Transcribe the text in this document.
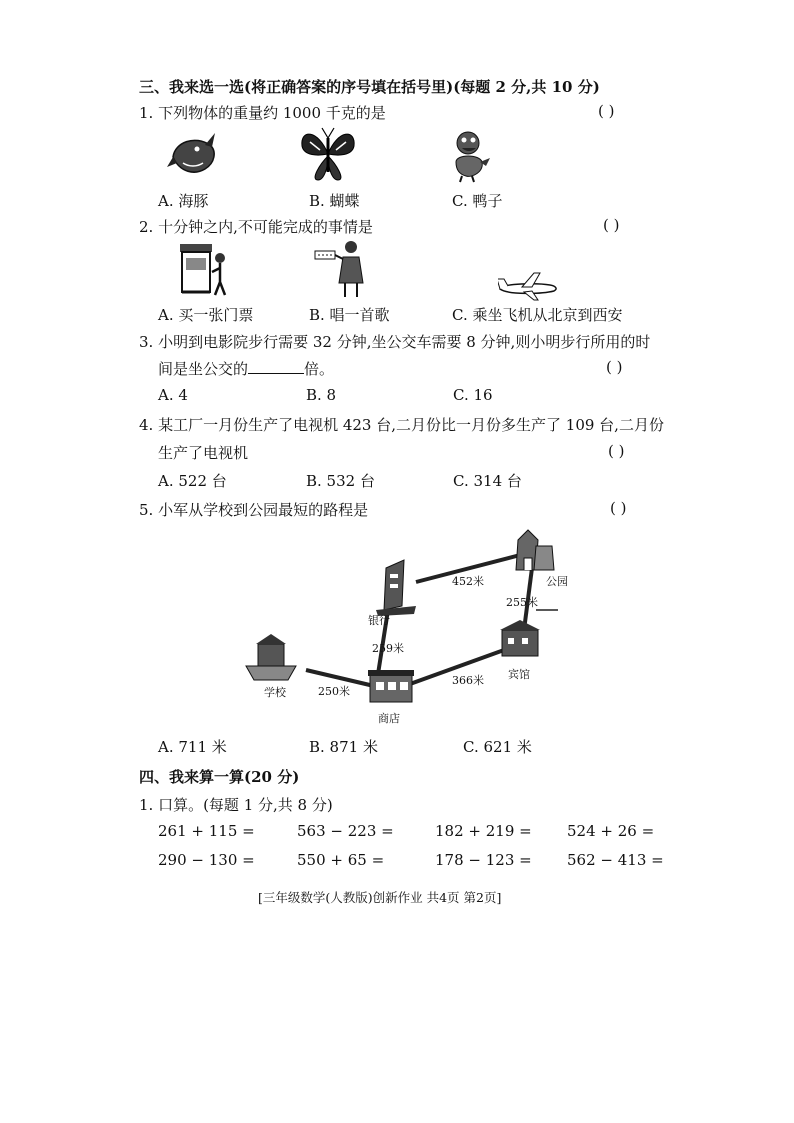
三、我来选一选(将正确答案的序号填在括号里)(每题 2 分,共 10 分)
1. 下列物体的重量约 1000 千克的是	( )
A. 海豚	B. 蝴蝶	C. 鸭子
2. 十分钟之内,不可能完成的事情是	( )
A. 买一张门票	B. 唱一首歌	C. 乘坐飞机从北京到西安
3. 小明到电影院步行需要 32 分钟,坐公交车需要 8 分钟,则小明步行所用的时
间是坐公交的	倍。	( )
A. 4	B. 8	C. 16
4. 某工厂一月份生产了电视机 423 台,二月份比一月份多生产了 109 台,二月份
生产了电视机	( )
A. 522 台	B. 532 台	C. 314 台
5. 小军从学校到公园最短的路程是	( )
学校
商店
银行
宾馆
公园
452米
255米
259米
250米
366米
A. 711 米	B. 871 米	C. 621 米
四、我来算一算(20 分)
1. 口算。(每题 1 分,共 8 分)
261 + 115 =	563 − 223 =	182 + 219 = 524 + 26 =
290 − 130 =	550 + 65 =	178 − 123 = 562 − 413 =
[三年级数学(人教版)创新作业 共4页 第2页]
